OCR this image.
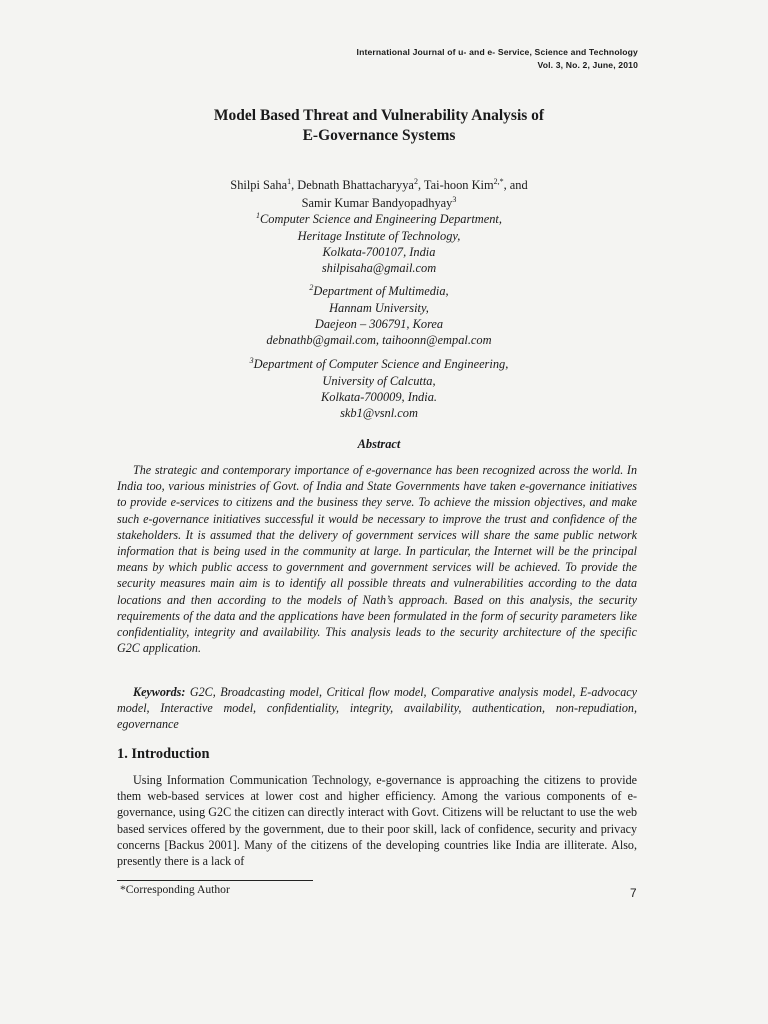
International Journal of u- and e- Service, Science and Technology
Vol. 3, No. 2, June, 2010
Model Based Threat and Vulnerability Analysis of
E-Governance Systems
Shilpi Saha$^1$, Debnath Bhattacharyya$^2$, Tai-hoon Kim$^{2,*}$, and
Samir Kumar Bandyopadhyay$^3$
$^1$Computer Science and Engineering Department,
Heritage Institute of Technology,
Kolkata-700107, India
shilpisaha@gmail.com
$^2$Department of Multimedia,
Hannam University,
Daejeon – 306791, Korea
debnathb@gmail.com, taihoonn@empal.com
$^3$Department of Computer Science and Engineering,
University of Calcutta,
Kolkata-700009, India.
skb1@vsnl.com
Abstract
The strategic and contemporary importance of e-governance has been recognized across the world. In India too, various ministries of Govt. of India and State Governments have taken e-governance initiatives to provide e-services to citizens and the business they serve. To achieve the mission objectives, and make such e-governance initiatives successful it would be necessary to improve the trust and confidence of the stakeholders. It is assumed that the delivery of government services will share the same public network information that is being used in the community at large. In particular, the Internet will be the principal means by which public access to government and government services will be achieved. To provide the security measures main aim is to identify all possible threats and vulnerabilities according to the data locations and then according to the models of Nath’s approach. Based on this analysis, the security requirements of the data and the applications have been formulated in the form of security parameters like confidentiality, integrity and availability. This analysis leads to the security architecture of the specific G2C application.
Keywords: G2C, Broadcasting model, Critical flow model, Comparative analysis model, E-advocacy model, Interactive model, confidentiality, integrity, availability, authentication, non-repudiation, egovernance
1. Introduction
Using Information Communication Technology, e-governance is approaching the citizens to provide them web-based services at lower cost and higher efficiency. Among the various components of e-governance, using G2C the citizen can directly interact with Govt. Citizens will be reluctant to use the web based services offered by the government, due to their poor skill, lack of confidence, security and privacy concerns [Backus 2001]. Many of the citizens of the developing countries like India are illiterate. Also, presently there is a lack of
*Corresponding Author	7
